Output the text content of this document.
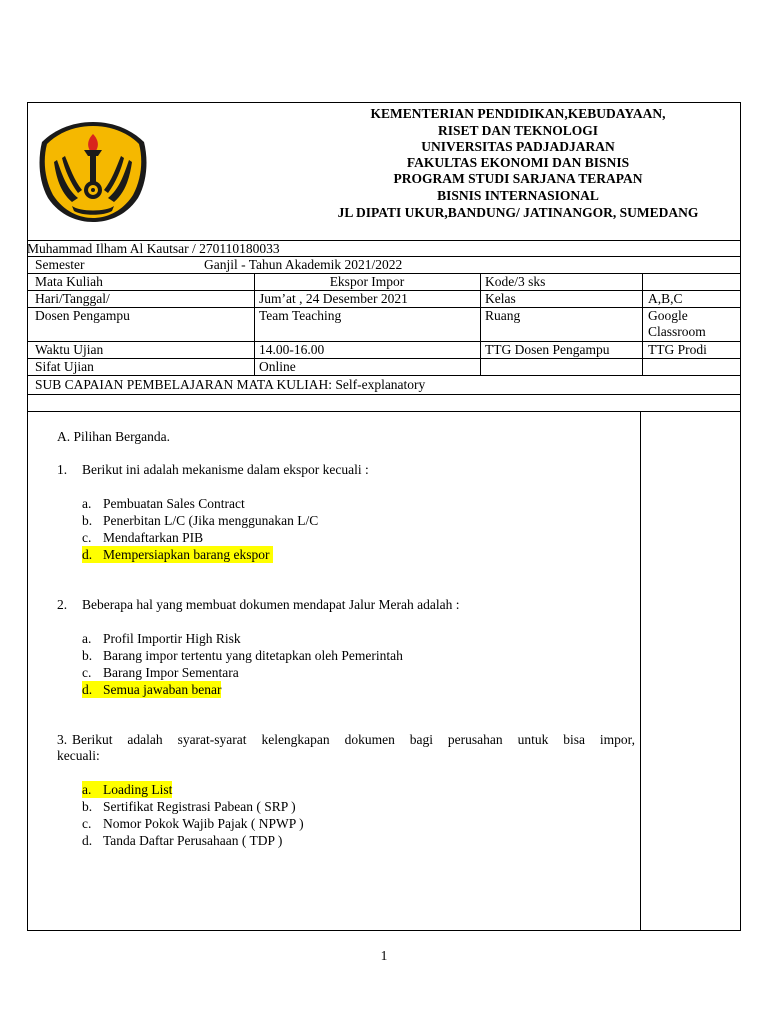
KEMENTERIAN PENDIDIKAN,KEBUDAYAAN,
RISET DAN TEKNOLOGI
UNIVERSITAS PADJADJARAN
FAKULTAS EKONOMI DAN BISNIS
PROGRAM STUDI SARJANA TERAPAN
BISNIS INTERNASIONAL
JL DIPATI UKUR,BANDUNG/ JATINANGOR, SUMEDANG
Muhammad Ilham Al Kautsar / 270110180033
Semester	Ganjil - Tahun Akademik 2021/2022
Mata Kuliah	Ekspor Impor	Kode/3 sks
Hari/Tanggal/	Jum’at , 24 Desember 2021	Kelas	A,B,C
Dosen Pengampu	Team Teaching	Ruang	Google
Classroom
Waktu Ujian	14.00-16.00	TTG Dosen Pengampu	TTG Prodi
Sifat Ujian	Online
SUB CAPAIAN PEMBELAJARAN MATA KULIAH: Self-explanatory
A. Pilihan Berganda.
1. Berikut ini adalah mekanisme dalam ekspor kecuali :
a. Pembuatan Sales Contract
b. Penerbitan L/C (Jika menggunakan L/C
c. Mendaftarkan PIB
d. Mempersiapkan barang ekspor
2. Beberapa hal yang membuat dokumen mendapat Jalur Merah adalah :
a. Profil Importir High Risk
b. Barang impor tertentu yang ditetapkan oleh Pemerintah
c. Barang Impor Sementara
d. Semua jawaban benar
3. Berikut adalah syarat-syarat kelengkapan dokumen bagi perusahan untuk bisa impor,
kecuali:
a. Loading List
b. Sertifikat Registrasi Pabean ( SRP )
c. Nomor Pokok Wajib Pajak ( NPWP )
d. Tanda Daftar Perusahaan ( TDP )
1
